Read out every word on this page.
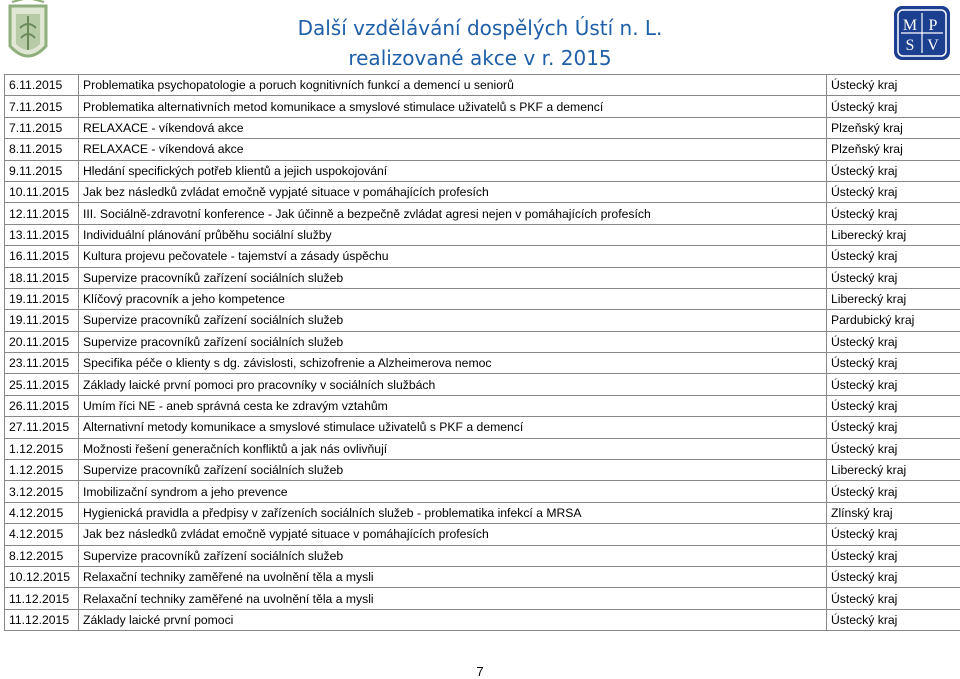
Další vzdělávání dospělých Ústí n. L.
realizované akce v r. 2015
M P
S V
6.11.2015	Problematika psychopatologie a poruch kognitivních funkcí a demencí u seniorů	Ústecký kraj
7.11.2015	Problematika alternativních metod komunikace a smyslové stimulace uživatelů s PKF a demencí	Ústecký kraj
7.11.2015	RELAXACE - víkendová akce	Plzeňský kraj
8.11.2015	RELAXACE - víkendová akce	Plzeňský kraj
9.11.2015	Hledání specifických potřeb klientů a jejich uspokojování	Ústecký kraj
10.11.2015	Jak bez následků zvládat emočně vypjaté situace v pomáhajících profesích	Ústecký kraj
12.11.2015	III. Sociálně-zdravotní konference - Jak účinně a bezpečně zvládat agresi nejen v pomáhajících profesích	Ústecký kraj
13.11.2015	Individuální plánování průběhu sociální služby	Liberecký kraj
16.11.2015	Kultura projevu pečovatele - tajemství a zásady úspěchu	Ústecký kraj
18.11.2015	Supervize pracovníků zařízení sociálních služeb	Ústecký kraj
19.11.2015	Klíčový pracovník a jeho kompetence	Liberecký kraj
19.11.2015	Supervize pracovníků zařízení sociálních služeb	Pardubický kraj
20.11.2015	Supervize pracovníků zařízení sociálních služeb	Ústecký kraj
23.11.2015	Specifika péče o klienty s dg. závislosti, schizofrenie a Alzheimerova nemoc	Ústecký kraj
25.11.2015	Základy laické první pomoci pro pracovníky v sociálních službách	Ústecký kraj
26.11.2015	Umím říci NE - aneb správná cesta ke zdravým vztahům	Ústecký kraj
27.11.2015	Alternativní metody komunikace a smyslové stimulace uživatelů s PKF a demencí	Ústecký kraj
1.12.2015	Možnosti řešení generačních konfliktů a jak nás ovlivňují	Ústecký kraj
1.12.2015	Supervize pracovníků zařízení sociálních služeb	Liberecký kraj
3.12.2015	Imobilizační syndrom a jeho prevence	Ústecký kraj
4.12.2015	Hygienická pravidla a předpisy v zařízeních sociálních služeb - problematika infekcí a MRSA	Zlínský kraj
4.12.2015	Jak bez následků zvládat emočně vypjaté situace v pomáhajících profesích	Ústecký kraj
8.12.2015	Supervize pracovníků zařízení sociálních služeb	Ústecký kraj
10.12.2015	Relaxační techniky zaměřené na uvolnění těla a mysli	Ústecký kraj
11.12.2015	Relaxační techniky zaměřené na uvolnění těla a mysli	Ústecký kraj
11.12.2015	Základy laické první pomoci	Ústecký kraj
7
